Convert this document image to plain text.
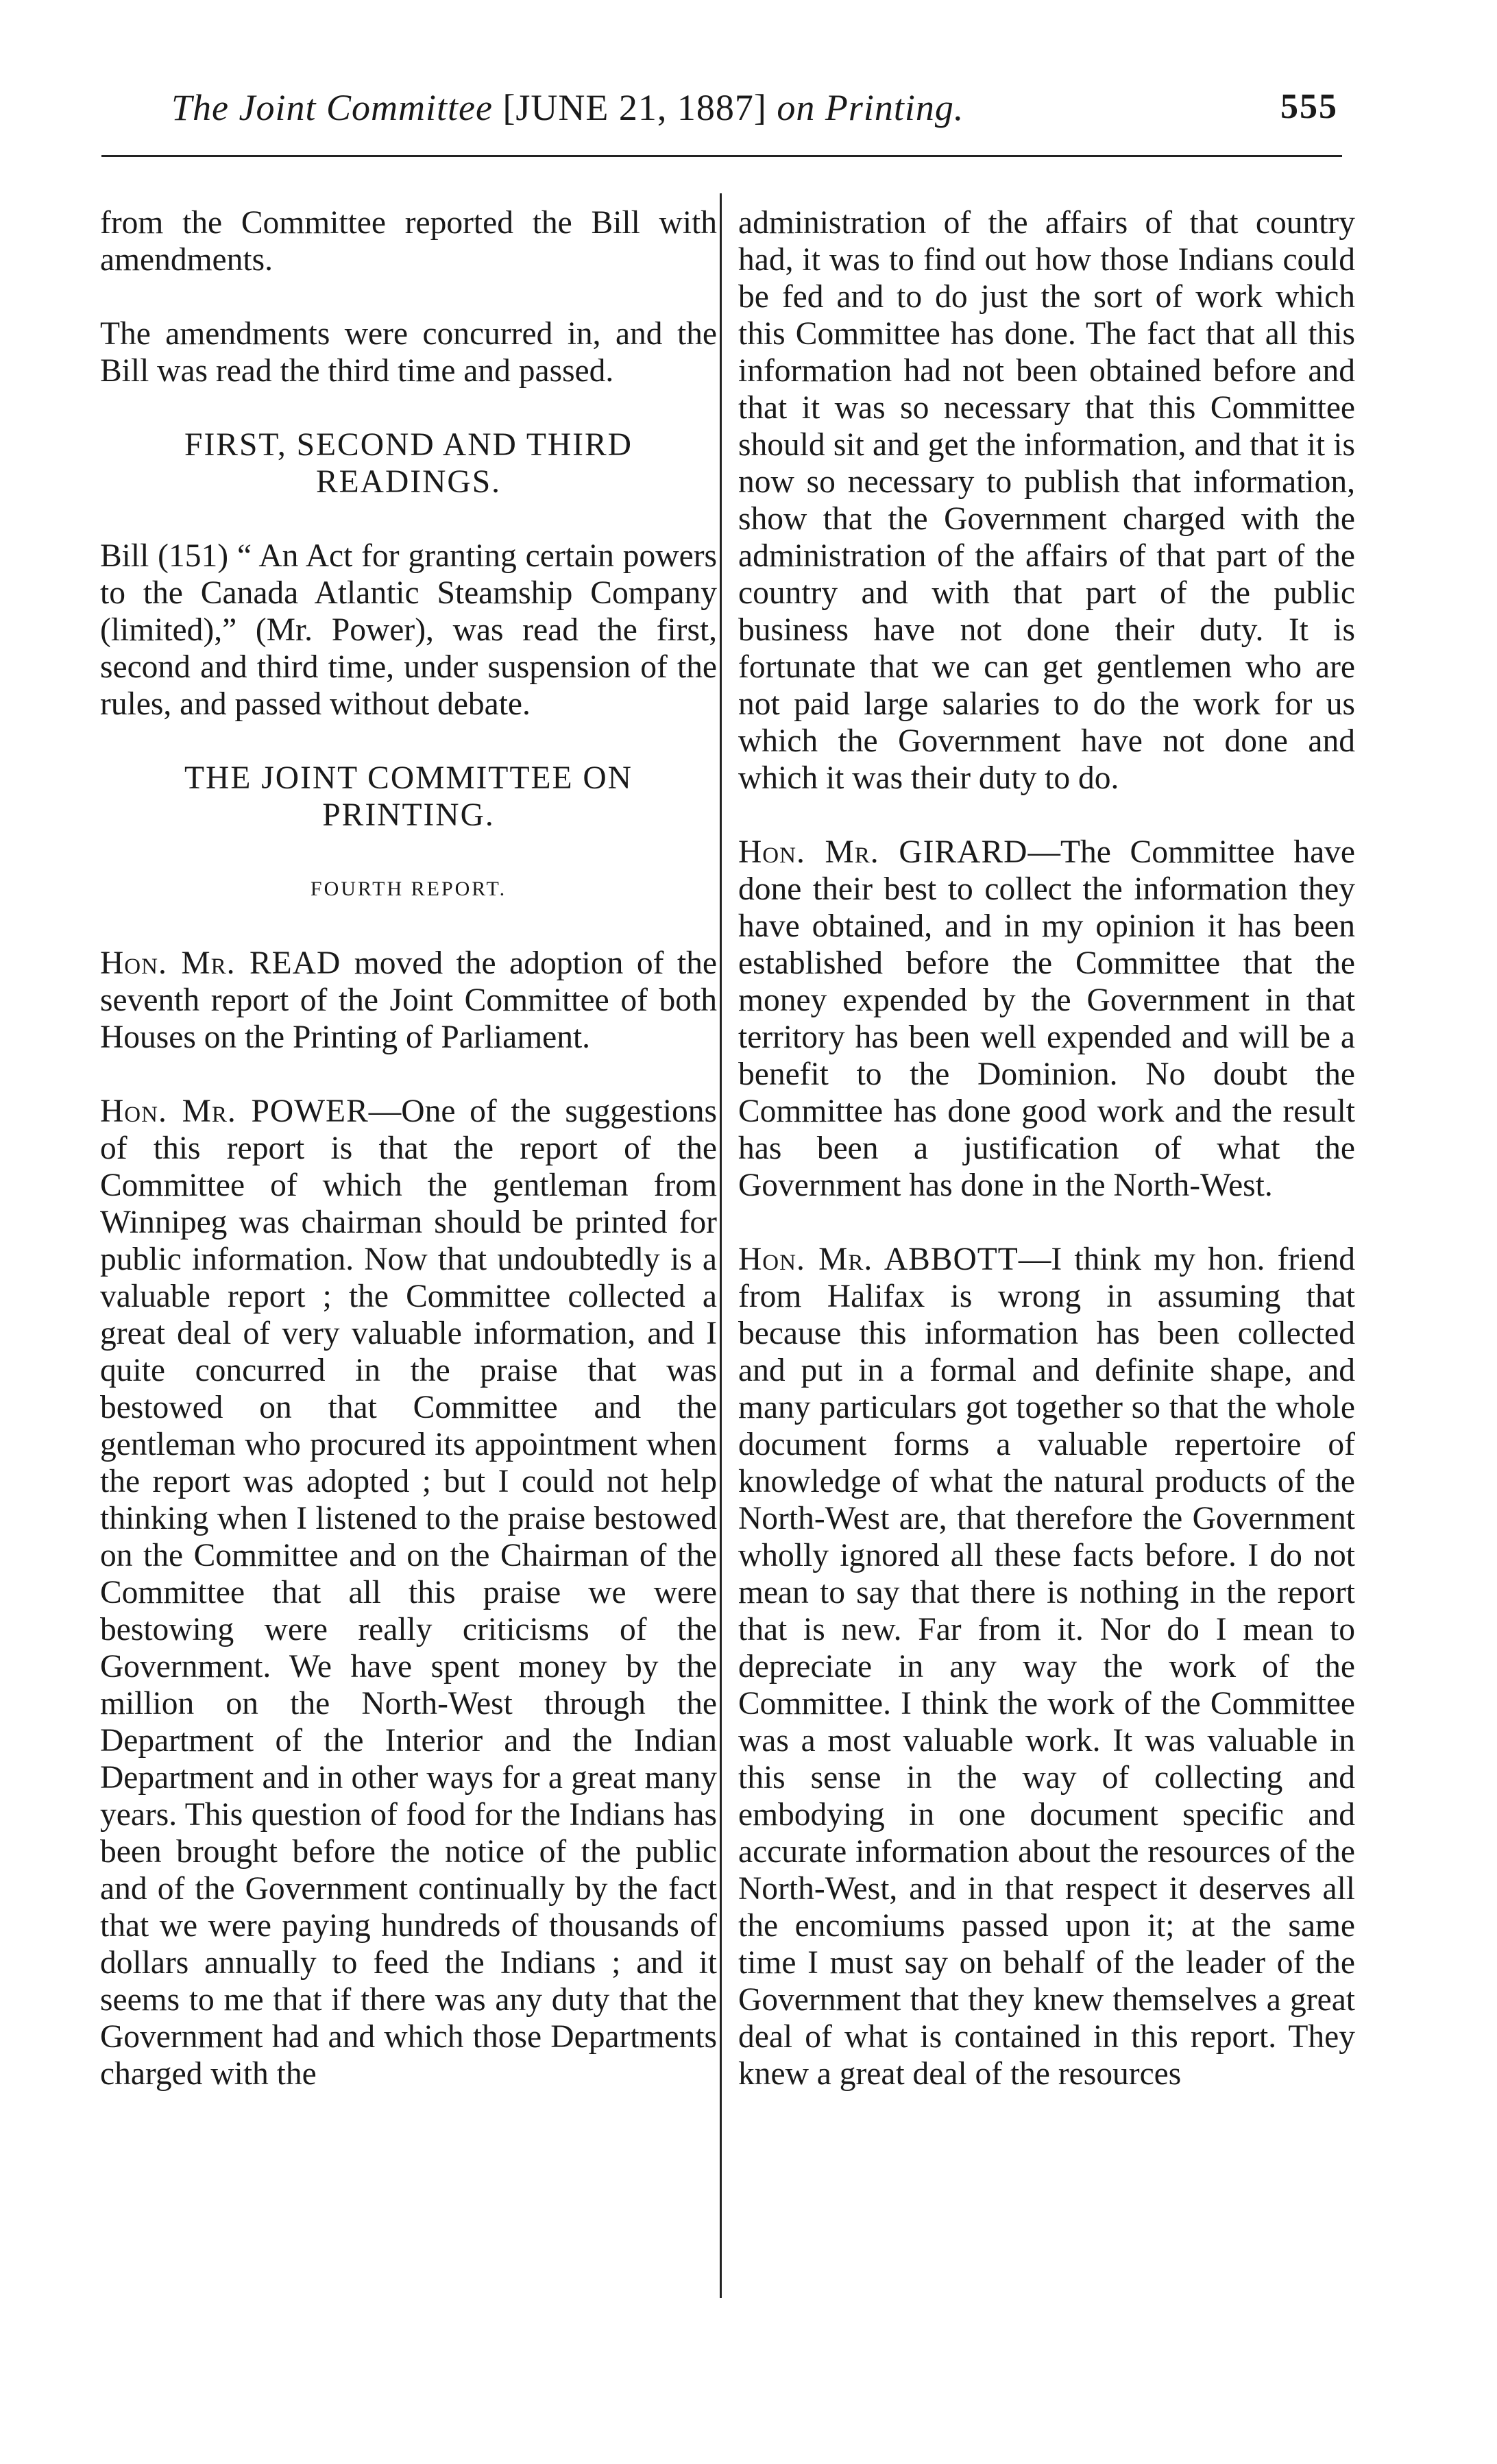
The Joint Committee [JUNE 21, 1887] on Printing.	555

from the Committee reported the Bill with amendments.

The amendments were concurred in, and the Bill was read the third time and passed.

FIRST, SECOND AND THIRD READINGS.

Bill (151) “ An Act for granting certain powers to the Canada Atlantic Steamship Company (limited),” (Mr. Power), was read the first, second and third time, under suspension of the rules, and passed without debate.

THE JOINT COMMITTEE ON PRINTING.
FOURTH REPORT.

Hon. Mr. READ moved the adoption of the seventh report of the Joint Committee of both Houses on the Printing of Parliament.

Hon. Mr. POWER—One of the suggestions of this report is that the report of the Committee of which the gentleman from Winnipeg was chairman should be printed for public information. Now that undoubtedly is a valuable report ; the Committee collected a great deal of very valuable information, and I quite concurred in the praise that was bestowed on that Committee and the gentleman who procured its appointment when the report was adopted ; but I could not help thinking when I listened to the praise bestowed on the Committee and on the Chairman of the Committee that all this praise we were bestowing were really criticisms of the Government. We have spent money by the million on the North-West through the Department of the Interior and the Indian Department and in other ways for a great many years. This question of food for the Indians has been brought before the notice of the public and of the Government continually by the fact that we were paying hundreds of thousands of dollars annually to feed the Indians ; and it seems to me that if there was any duty that the Government had and which those Departments charged with the

administration of the affairs of that country had, it was to find out how those Indians could be fed and to do just the sort of work which this Committee has done. The fact that all this information had not been obtained before and that it was so necessary that this Committee should sit and get the information, and that it is now so necessary to publish that information, show that the Government charged with the administration of the affairs of that part of the country and with that part of the public business have not done their duty. It is fortunate that we can get gentlemen who are not paid large salaries to do the work for us which the Government have not done and which it was their duty to do.

Hon. Mr. GIRARD—The Committee have done their best to collect the information they have obtained, and in my opinion it has been established before the Committee that the money expended by the Government in that territory has been well expended and will be a benefit to the Dominion. No doubt the Committee has done good work and the result has been a justification of what the Government has done in the North-West.

Hon. Mr. ABBOTT—I think my hon. friend from Halifax is wrong in assuming that because this information has been collected and put in a formal and definite shape, and many particulars got together so that the whole document forms a valuable repertoire of knowledge of what the natural products of the North-West are, that therefore the Government wholly ignored all these facts before. I do not mean to say that there is nothing in the report that is new. Far from it. Nor do I mean to depreciate in any way the work of the Committee. I think the work of the Committee was a most valuable work. It was valuable in this sense in the way of collecting and embodying in one document specific and accurate information about the resources of the North-West, and in that respect it deserves all the encomiums passed upon it; at the same time I must say on behalf of the leader of the Government that they knew themselves a great deal of what is contained in this report. They knew a great deal of the resources
